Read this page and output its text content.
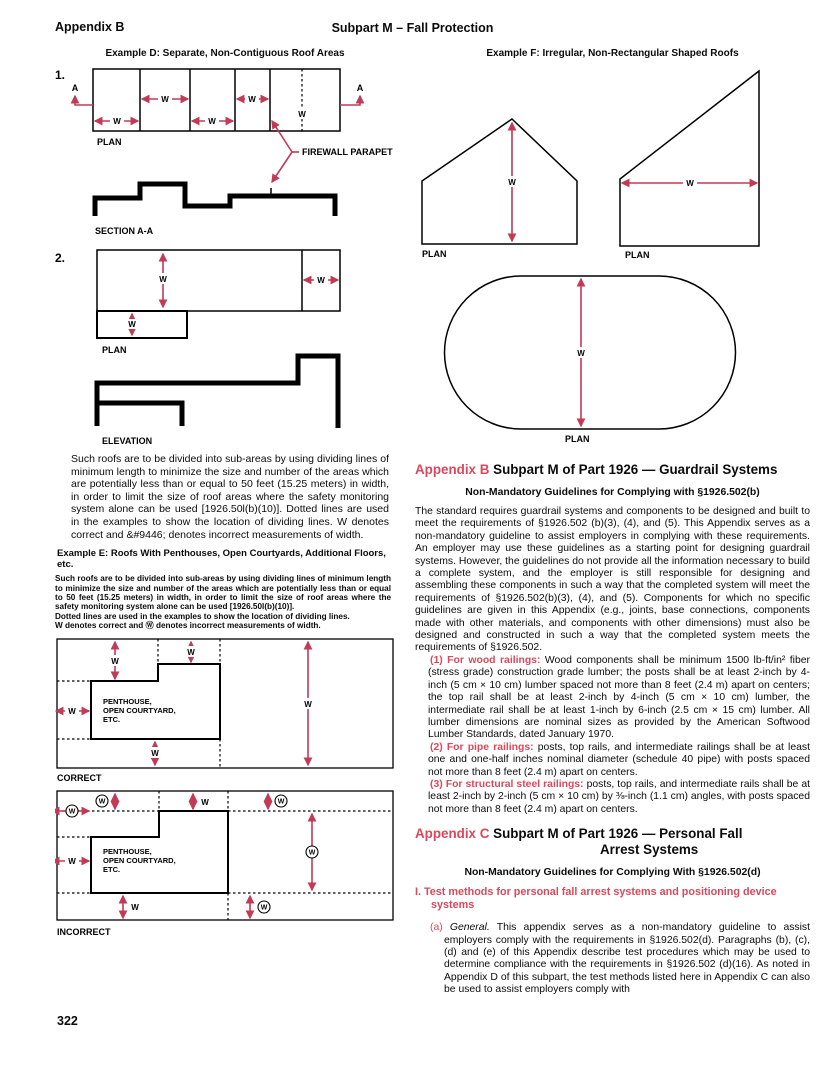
Appendix B	Subpart M – Fall Protection
Example D: Separate, Non-Contiguous Roof Areas
1.
W	W
W	W
W
A	A
PLAN
FIREWALL PARAPET
SECTION A-A
2.
W	W
W
PLAN
ELEVATION
Such roofs are to be divided into sub-areas by using dividing lines of minimum length to minimize the size and number of the areas which are potentially less than or equal to 50 feet (15.25 meters) in width, in order to limit the size of roof areas where the safety monitoring system alone can be used [1926.50l(b)(10)]. Dotted lines are used in the examples to show the location of dividing lines. W denotes correct and &#9446; denotes incorrect measurements of width.
Example E: Roofs With Penthouses, Open Courtyards, Additional Floors, etc.
Such roofs are to be divided into sub-areas by using dividing lines of minimum length to minimize the size and number of the areas which are potentially less than or equal to 50 feet (15.25 meters) in width, in order to limit the size of roof areas where the safety monitoring system alone can be used [1926.50l(b)(10)].
Dotted lines are used in the examples to show the location of dividing lines.
W denotes correct and Ⓦ denotes incorrect measurements of width.
W
W
W
W
W
PENTHOUSE,
OPEN COURTYARD,
ETC.
CORRECT
W
W	W	W
W
W
W	W
PENTHOUSE,
OPEN COURTYARD,
ETC.
INCORRECT
Example F: Irregular, Non-Rectangular Shaped Roofs
W
PLAN
W
PLAN
W
PLAN
Appendix B Subpart M of Part 1926 — Guardrail Systems
Non-Mandatory Guidelines for Complying with §1926.502(b)

The standard requires guardrail systems and components to be designed and built to meet the requirements of §1926.502 (b)(3), (4), and (5). This Appendix serves as a non-mandatory guideline to assist employers in complying with these requirements. An employer may use these guidelines as a starting point for designing guardrail systems. However, the guidelines do not provide all the information necessary to build a complete system, and the employer is still responsible for designing and assembling these components in such a way that the completed system will meet the requirements of §1926.502(b)(3), (4), and (5). Components for which no specific guidelines are given in this Appendix (e.g., joints, base connections, components made with other materials, and components with other dimensions) must also be designed and constructed in such a way that the completed system meets the requirements of §1926.502.

(1) For wood railings: Wood components shall be minimum 1500 lb-ft/in² fiber (stress grade) construction grade lumber; the posts shall be at least 2-inch by 4-inch (5 cm × 10 cm) lumber spaced not more than 8 feet (2.4 m) apart on centers; the top rail shall be at least 2-inch by 4-inch (5 cm × 10 cm) lumber, the intermediate rail shall be at least 1-inch by 6-inch (2.5 cm × 15 cm) lumber. All lumber dimensions are nominal sizes as provided by the American Softwood Lumber Standards, dated January 1970.

(2) For pipe railings: posts, top rails, and intermediate railings shall be at least one and one-half inches nominal diameter (schedule 40 pipe) with posts spaced not more than 8 feet (2.4 m) apart on centers.

(3) For structural steel railings: posts, top rails, and intermediate rails shall be at least 2-inch by 2-inch (5 cm × 10 cm) by ⅜-inch (1.1 cm) angles, with posts spaced not more than 8 feet (2.4 m) apart on centers.

Appendix C Subpart M of Part 1926 — Personal Fall
Arrest Systems
Non-Mandatory Guidelines for Complying With §1926.502(d)
I. Test methods for personal fall arrest systems and positioning device systems

(a) General. This appendix serves as a non-mandatory guideline to assist employers comply with the requirements in §1926.502(d). Paragraphs (b), (c), (d) and (e) of this Appendix describe test procedures which may be used to determine compliance with the requirements in §1926.502 (d)(16). As noted in Appendix D of this subpart, the test methods listed here in Appendix C can also be used to assist employers comply with

322
